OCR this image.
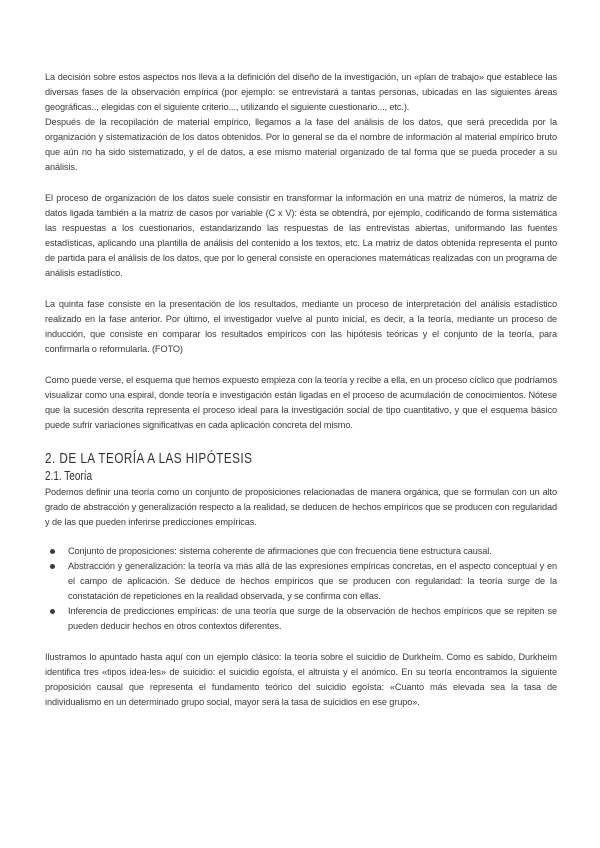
La decisión sobre estos aspectos nos lleva a la definición del diseño de la investigación, un «plan de trabajo» que establece las diversas fases de la observación empírica (por ejemplo: se entrevistará a tantas personas, ubicadas en las siguientes áreas geográficas.., elegidas con el siguiente criterio..., utilizando el siguiente cuestionario..., etc.).

Después de la recopilación de material empírico, llegamos a la fase del análisis de los datos, que será precedida por la organización y sistematización de los datos obtenidos. Por lo general se da el nombre de información al material empírico bruto que aún no ha sido sistematizado, y el de datos, a ese mismo material organizado de tal forma que se pueda proceder a su análisis.

El proceso de organización de los datos suele consistir en transformar la información en una matriz de números, la matriz de datos ligada también a la matriz de casos por variable (C x V): ésta se obtendrá, por ejemplo, codificando de forma sistemática las respuestas a los cuestionarios, estandarizando las respuestas de las entrevistas abiertas, uniformando las fuentes estadísticas, aplicando una plantilla de análisis del contenido a los textos, etc. La matriz de datos obtenida representa el punto de partida para el análisis de los datos, que por lo general consiste en operaciones matemáticas realizadas con un programa de análisis estadístico.

La quinta fase consiste en la presentación de los resultados, mediante un proceso de interpretación del análisis estadístico realizado en la fase anterior. Por último, el investigador vuelve al punto inicial, es decir, a la teoría, mediante un proceso de inducción, que consiste en comparar los resultados empíricos con las hipótesis teóricas y el conjunto de la teoría, para confirmarla o reformularla. (FOTO)

Como puede verse, el esquema que hemos expuesto empieza con la teoría y recibe a ella, en un proceso cíclico que podríamos visualizar como una espiral, donde teoría e investigación están ligadas en el proceso de acumulación de conocimientos. Nótese que la sucesión descrita representa el proceso ideal para la investigación social de tipo cuantitativo, y que el esquema básico puede sufrir variaciones significativas en cada aplicación concreta del mismo.

2. DE LA TEORÍA A LAS HIPÓTESIS
2.1. Teoría

Podemos definir una teoría como un conjunto de proposiciones relacionadas de manera orgánica, que se formulan con un alto grado de abstracción y generalización respecto a la realidad, se deducen de hechos empíricos que se producen con regularidad y de las que pueden inferirse predicciones empíricas.

Conjunto de proposiciones: sistema coherente de afirmaciones que con frecuencia tiene estructura causal.
Abstracción y generalización: la teoría va más allá de las expresiones empíricas concretas, en el aspecto conceptual y en el campo de aplicación. Se deduce de hechos empíricos que se producen con regularidad: la teoría surge de la constatación de repeticiones en la realidad observada, y se confirma con ellas.
Inferencia de predicciones empíricas: de una teoría que surge de la observación de hechos empíricos que se repiten se pueden deducir hechos en otros contextos diferentes.

Ilustramos lo apuntado hasta aquí con un ejemplo clásico: la teoría sobre el suicidio de Durkheim. Como es sabido, Durkheim identifica tres «tipos idea-les» de suicidio: el suicidio egoísta, el altruista y el anómico. En su teoría encontramos la siguiente proposición causal que representa el fundamento teórico del suicidio egoísta: «Cuanto más elevada sea la tasa de individualismo en un determinado grupo social, mayor será la tasa de suicidios en ese grupo».
